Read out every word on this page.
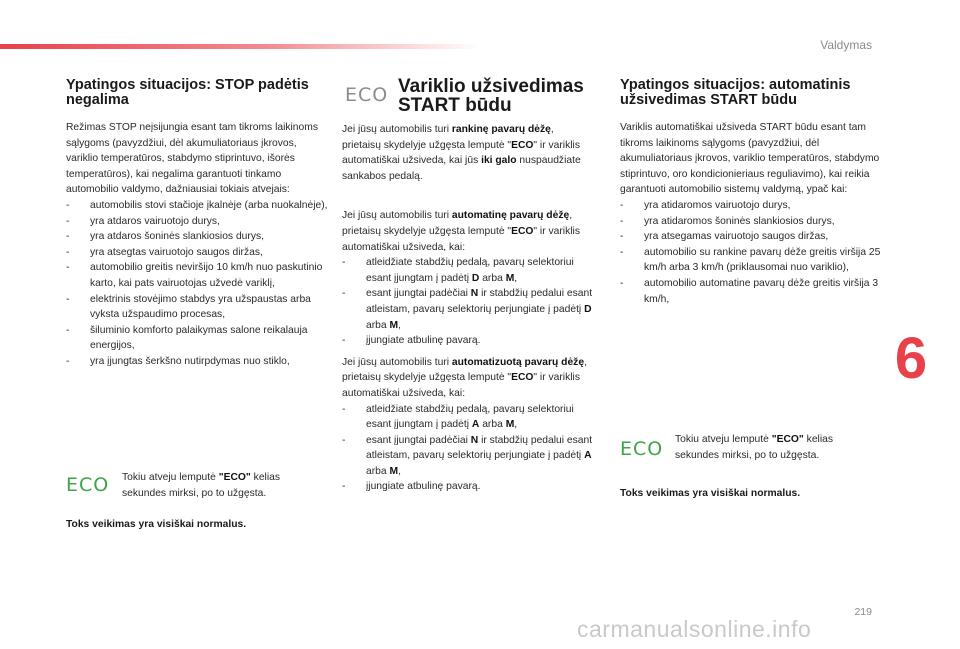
Valdymas
6
219
Ypatingos situacijos: STOP padėtis negalima

Režimas STOP neįsijungia esant tam tikroms laikinoms sąlygoms (pavyzdžiui, dėl akumuliatoriaus įkrovos, variklio temperatūros, stabdymo stiprintuvo, išorės temperatūros), kai negalima garantuoti tinkamo automobilio valdymo, dažniausiai tokiais atvejais:

- automobilis stovi stačioje įkalnėje (arba nuokalnėje),
- yra atdaros vairuotojo durys,
- yra atdaros šoninės slankiosios durys,
- yra atsegtas vairuotojo saugos diržas,
- automobilio greitis neviršijo 10 km/h nuo paskutinio karto, kai pats vairuotojas užvedė variklį,
- elektrinis stovėjimo stabdys yra užspaustas arba vyksta užspaudimo procesas,
- šiluminio komforto palaikymas salone reikalauja energijos,
- yra įjungtas šerkšno nutirpdymas nuo stiklo,
ECO	Tokiu atveju lemputė "ECO" kelias sekundes mirksi, po to užgęsta.
Toks veikimas yra visiškai normalus.
ECO Variklio užsivedimas
START būdu

Jei jūsų automobilis turi rankinę pavarų dėžę, prietaisų skydelyje užgęsta lemputė "ECO" ir variklis automatiškai užsiveda, kai jūs iki galo nuspaudžiate sankabos pedalą.

Jei jūsų automobilis turi automatinę pavarų dėžę, prietaisų skydelyje užgęsta lemputė "ECO" ir variklis automatiškai užsiveda, kai:

- atleidžiate stabdžių pedalą, pavarų selektoriui esant įjungtam į padėtį D arba M,
- esant įjungtai padėčiai N ir stabdžių pedalui esant atleistam, pavarų selektorių perjungiate į padėtį D arba M,
- įjungiate atbulinę pavarą.

Jei jūsų automobilis turi automatizuotą pavarų dėžę, prietaisų skydelyje užgęsta lemputė "ECO" ir variklis automatiškai užsiveda, kai:

- atleidžiate stabdžių pedalą, pavarų selektoriui esant įjungtam į padėtį A arba M,
- esant įjungtai padėčiai N ir stabdžių pedalui esant atleistam, pavarų selektorių perjungiate į padėtį A arba M,
- įjungiate atbulinę pavarą.
Ypatingos situacijos: automatinis užsivedimas START būdu

Variklis automatiškai užsiveda START būdu esant tam tikroms laikinoms sąlygoms (pavyzdžiui, dėl akumuliatoriaus įkrovos, variklio temperatūros, stabdymo stiprintuvo, oro kondicionieriaus reguliavimo), kai reikia garantuoti automobilio sistemų valdymą, ypač kai:

- yra atidaromos vairuotojo durys,
- yra atidaromos šoninės slankiosios durys,
- yra atsegamas vairuotojo saugos diržas,
- automobilio su rankine pavarų dėže greitis viršija 25 km/h arba 3 km/h (priklausomai nuo variklio),
- automobilio automatine pavarų dėže greitis viršija 3 km/h,
ECO	Tokiu atveju lemputė "ECO" kelias sekundes mirksi, po to užgęsta.
Toks veikimas yra visiškai normalus.
carmanualsonline.info
